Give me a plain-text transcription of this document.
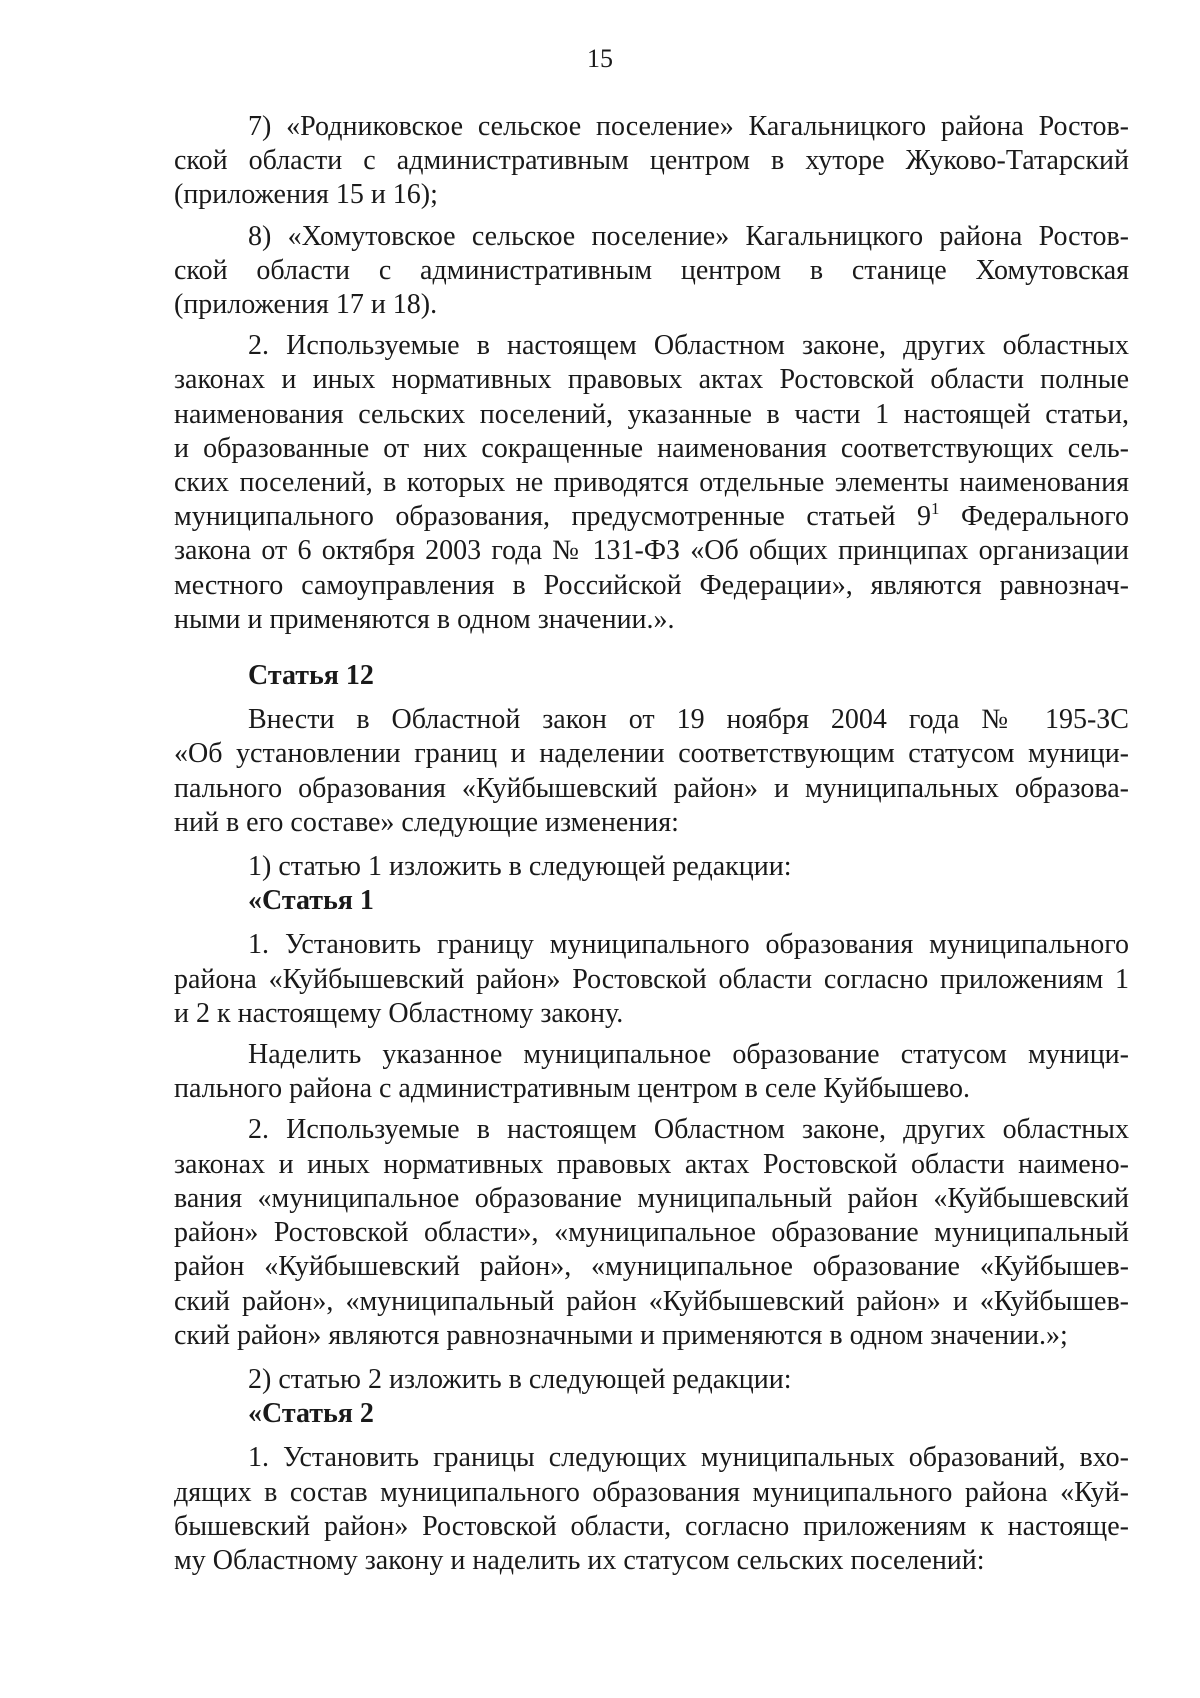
15
7) «Родниковское сельское поселение» Кагальницкого района Ростов-
ской области с административным центром в хуторе Жуково-Татарский
(приложения 15 и 16);
8) «Хомутовское сельское поселение» Кагальницкого района Ростов-
ской области с административным центром в станице Хомутовская
(приложения 17 и 18).
2. Используемые в настоящем Областном законе, других областных
законах и иных нормативных правовых актах Ростовской области полные
наименования сельских поселений, указанные в части 1 настоящей статьи,
и образованные от них сокращенные наименования соответствующих сель-
ских поселений, в которых не приводятся отдельные элементы наименования
муниципального образования, предусмотренные статьей $9^1$ Федерального
закона от 6 октября 2003 года № 131-ФЗ «Об общих принципах организации
местного самоуправления в Российской Федерации», являются равнознач-
ными и применяются в одном значении.».
Статья 12
Внести в Областной закон от 19 ноября 2004 года № 195-ЗС
«Об установлении границ и наделении соответствующим статусом муници-
пального образования «Куйбышевский район» и муниципальных образова-
ний в его составе» следующие изменения:
1) статью 1 изложить в следующей редакции:
«Статья 1
1. Установить границу муниципального образования муниципального
района «Куйбышевский район» Ростовской области согласно приложениям 1
и 2 к настоящему Областному закону.
Наделить указанное муниципальное образование статусом муници-
пального района с административным центром в селе Куйбышево.
2. Используемые в настоящем Областном законе, других областных
законах и иных нормативных правовых актах Ростовской области наимено-
вания «муниципальное образование муниципальный район «Куйбышевский
район» Ростовской области», «муниципальное образование муниципальный
район «Куйбышевский район», «муниципальное образование «Куйбышев-
ский район», «муниципальный район «Куйбышевский район» и «Куйбышев-
ский район» являются равнозначными и применяются в одном значении.»;
2) статью 2 изложить в следующей редакции:
«Статья 2
1. Установить границы следующих муниципальных образований, вхо-
дящих в состав муниципального образования муниципального района «Куй-
бышевский район» Ростовской области, согласно приложениям к настояще-
му Областному закону и наделить их статусом сельских поселений:
